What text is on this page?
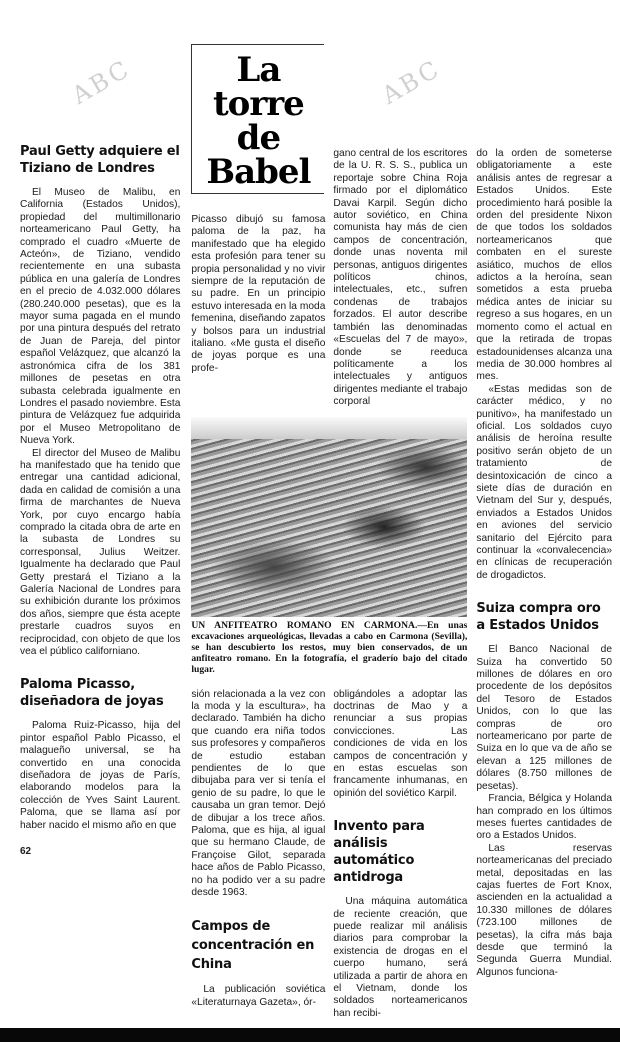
ABC	ABC
Paul Getty adquiere el Tiziano de Londres

El Museo de Malibu, en California (Estados Unidos), propiedad del multimillonario norteamericano Paul Getty, ha comprado el cuadro «Muerte de Acteón», de Tiziano, vendido recientemente en una subasta pública en una galería de Londres en el precio de 4.032.000 dólares (280.240.000 pesetas), que es la mayor suma pagada en el mundo por una pintura después del retrato de Juan de Pareja, del pintor español Velázquez, que alcanzó la astronómica cifra de los 381 millones de pesetas en otra subasta celebrada igualmente en Londres el pasado noviembre. Esta pintura de Velázquez fue adquirida por el Museo Metropolitano de Nueva York.

El director del Museo de Malibu ha manifestado que ha tenido que entregar una cantidad adicional, dada en calidad de comisión a una firma de marchantes de Nueva York, por cuyo encargo había comprado la citada obra de arte en la subasta de Londres su corresponsal, Julius Weitzer. Igualmente ha declarado que Paul Getty prestará el Tiziano a la Galería Nacional de Londres para su exhibición durante los próximos dos años, siempre que ésta acepte prestarle cuadros suyos en reciprocidad, con objeto de que los vea el público californiano.

Paloma Picasso, diseñadora de joyas

Paloma Ruiz-Picasso, hija del pintor español Pablo Picasso, el malagueño universal, se ha convertido en una conocida diseñadora de joyas de París, elaborando modelos para la colección de Yves Saint Laurent. Paloma, que se llama así por haber nacido el mismo año en que

62
La
torre
de
Babel

Picasso dibujó su famosa paloma de la paz, ha manifestado que ha elegido esta profesión para tener su propia personalidad y no vivir siempre de la reputación de su padre. En un principio estuvo interesada en la moda femenina, diseñando zapatos y bolsos para un industrial italiano. «Me gusta el diseño de joyas porque es una profe-

gano central de los escritores de la U. R. S. S., publica un reportaje sobre China Roja firmado por el diplomático Davai Karpil. Según dicho autor soviético, en China comunista hay más de cien campos de concentración, donde unas noventa mil personas, antiguos dirigentes políticos chinos, intelectuales, etc., sufren condenas de trabajos forzados. El autor describe también las denominadas «Escuelas del 7 de mayo», donde se reeduca políticamente a los intelectuales y antiguos dirigentes mediante el trabajo corporal

UN ANFITEATRO ROMANO EN CARMONA.—En unas excavaciones arqueológicas, llevadas a cabo en Carmona (Sevilla), se han descubierto los restos, muy bien conservados, de un anfiteatro romano. En la fotografía, el graderío bajo del citado lugar.

sión relacionada a la vez con la moda y la escultura», ha declarado. También ha dicho que cuando era niña todos sus profesores y compañeros de estudio estaban pendientes de lo que dibujaba para ver si tenía el genio de su padre, lo que le causaba un gran temor. Dejó de dibujar a los trece años. Paloma, que es hija, al igual que su hermano Claude, de Françoise Gilot, separada hace años de Pablo Picasso, no ha podido ver a su padre desde 1963.

Campos de concentración en China

La publicación soviética «Literaturnaya Gazeta», ór-

obligándoles a adoptar las doctrinas de Mao y a renunciar a sus propias convicciones. Las condiciones de vida en los campos de concentración y en estas escuelas son francamente inhumanas, en opinión del soviético Karpil.

Invento para análisis automático antidroga

Una máquina automática de reciente creación, que puede realizar mil análisis diarios para comprobar la existencia de drogas en el cuerpo humano, será utilizada a partir de ahora en el Vietnam, donde los soldados norteamericanos han recibi-

do la orden de someterse obligatoriamente a este análisis antes de regresar a Estados Unidos. Este procedimiento hará posible la orden del presidente Nixon de que todos los soldados norteamericanos que combaten en el sureste asiático, muchos de ellos adictos a la heroína, sean sometidos a esta prueba médica antes de iniciar su regreso a sus hogares, en un momento como el actual en que la retirada de tropas estadounidenses alcanza una media de 30.000 hombres al mes.

«Estas medidas son de carácter médico, y no punitivo», ha manifestado un oficial. Los soldados cuyo análisis de heroína resulte positivo serán objeto de un tratamiento de desintoxicación de cinco a siete días de duración en Vietnam del Sur y, después, enviados a Estados Unidos en aviones del servicio sanitario del Ejército para continuar la «convalecencia» en clínicas de recuperación de drogadictos.

Suiza compra oro a Estados Unidos

El Banco Nacional de Suiza ha convertido 50 millones de dólares en oro procedente de los depósitos del Tesoro de Estados Unidos, con lo que las compras de oro norteamericano por parte de Suiza en lo que va de año se elevan a 125 millones de dólares (8.750 millones de pesetas).

Francia, Bélgica y Holanda han comprado en los últimos meses fuertes cantidades de oro a Estados Unidos.

Las reservas norteamericanas del preciado metal, depositadas en las cajas fuertes de Fort Knox, ascienden en la actualidad a 10.330 millones de dólares (723.100 millones de pesetas), la cifra más baja desde que terminó la Segunda Guerra Mundial. Algunos funciona-
